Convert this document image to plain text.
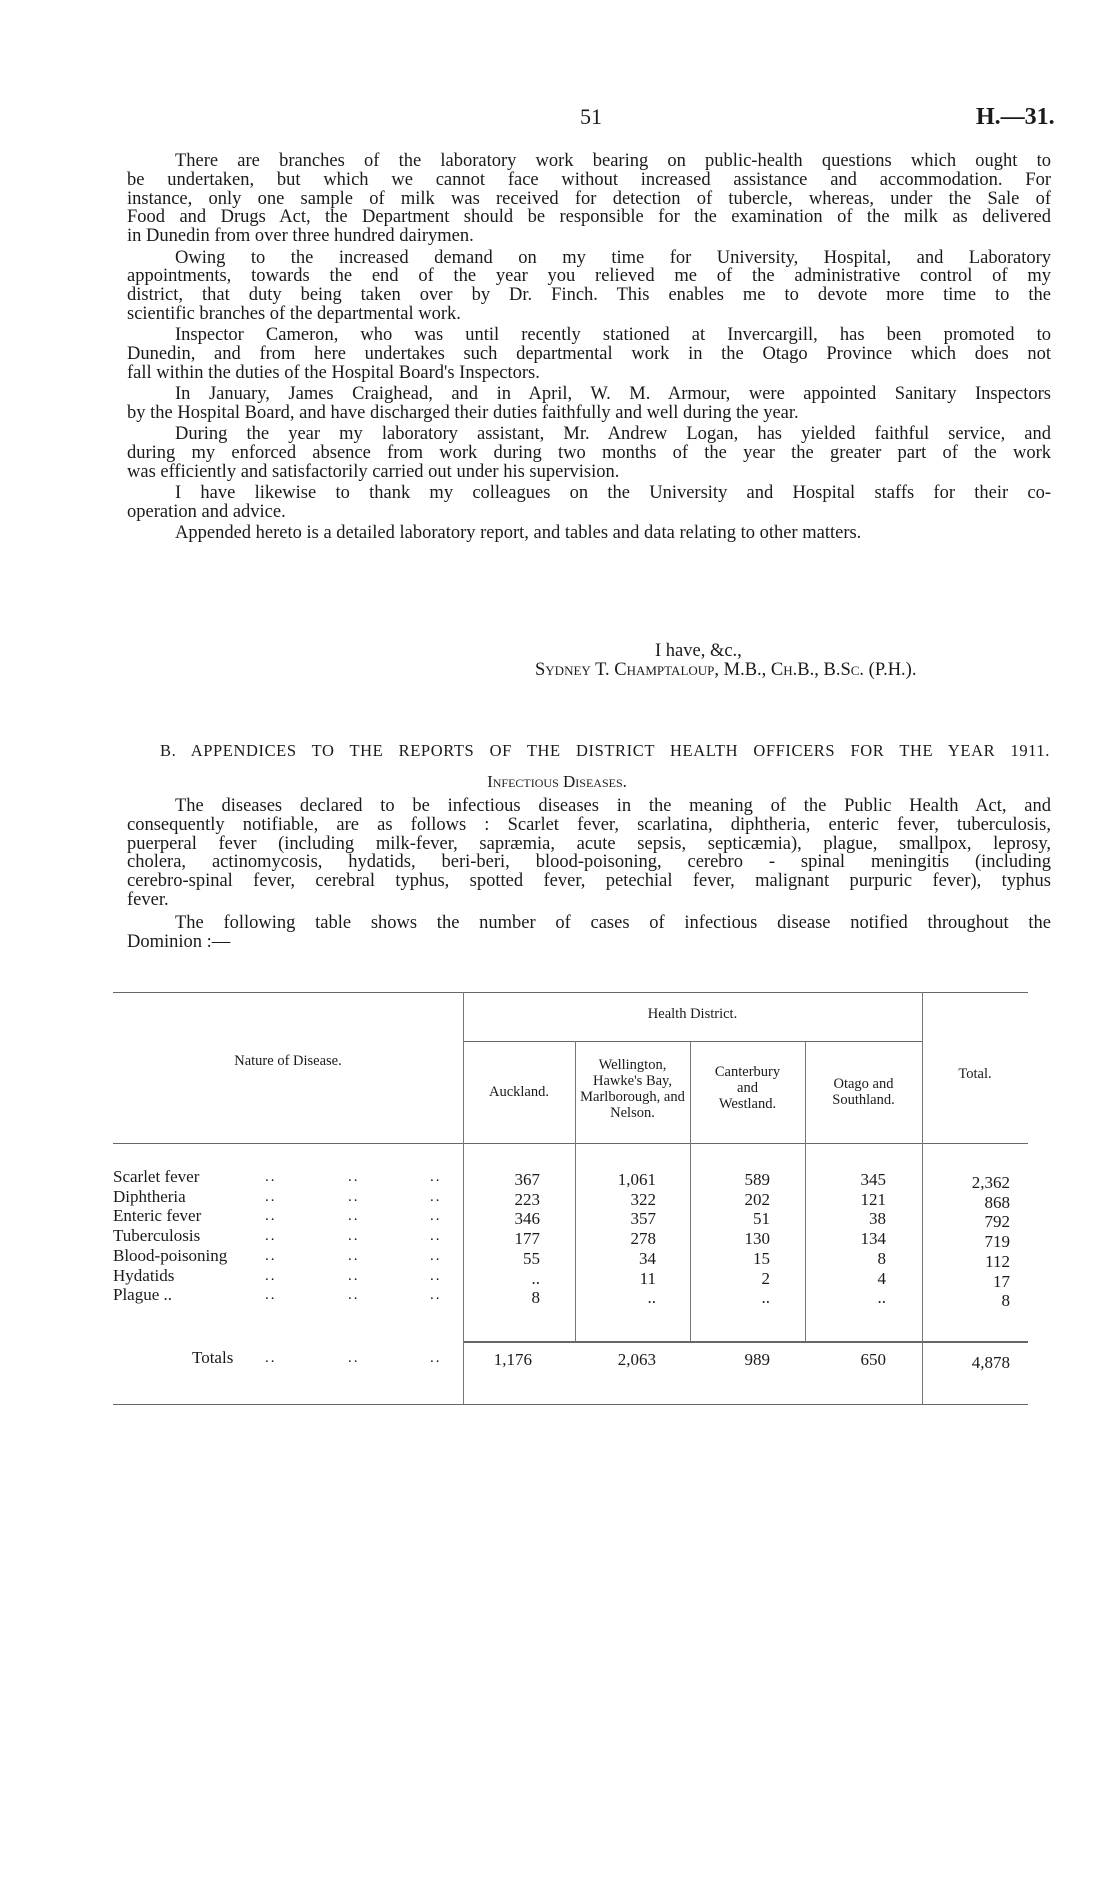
51	H.—31.
There are branches of the laboratory work bearing on public-health questions which ought to
be undertaken, but which we cannot face without increased assistance and accommodation. For
instance, only one sample of milk was received for detection of tubercle, whereas, under the Sale of
Food and Drugs Act, the Department should be responsible for the examination of the milk as delivered
in Dunedin from over three hundred dairymen.
Owing to the increased demand on my time for University, Hospital, and Laboratory
appointments, towards the end of the year you relieved me of the administrative control of my
district, that duty being taken over by Dr. Finch. This enables me to devote more time to the
scientific branches of the departmental work.
Inspector Cameron, who was until recently stationed at Invercargill, has been promoted to
Dunedin, and from here undertakes such departmental work in the Otago Province which does not
fall within the duties of the Hospital Board's Inspectors.
In January, James Craighead, and in April, W. M. Armour, were appointed Sanitary Inspectors
by the Hospital Board, and have discharged their duties faithfully and well during the year.
During the year my laboratory assistant, Mr. Andrew Logan, has yielded faithful service, and
during my enforced absence from work during two months of the year the greater part of the work
was efficiently and satisfactorily carried out under his supervision.
I have likewise to thank my colleagues on the University and Hospital staffs for their co-
operation and advice.
Appended hereto is a detailed laboratory report, and tables and data relating to other matters.
I have, &c.,
Sydney T. Champtaloup, M.B., Ch.B., B.Sc. (P.H.).
B. APPENDICES TO THE REPORTS OF THE DISTRICT HEALTH OFFICERS FOR THE YEAR 1911.
Infectious Diseases.
The diseases declared to be infectious diseases in the meaning of the Public Health Act, and
consequently notifiable, are as follows : Scarlet fever, scarlatina, diphtheria, enteric fever, tuberculosis,
puerperal fever (including milk-fever, sapræmia, acute sepsis, septicæmia), plague, smallpox, leprosy,
cholera, actinomycosis, hydatids, beri-beri, blood-poisoning, cerebro - spinal meningitis (including
cerebro-spinal fever, cerebral typhus, spotted fever, petechial fever, malignant purpuric fever), typhus
fever.
The following table shows the number of cases of infectious disease notified throughout the
Dominion :—
Nature of Disease.
Health District.
Auckland.
Wellington, Hawke's Bay, Marlborough, and Nelson.
Canterbury and Westland.
Otago and Southland.
Total.
Scarlet fever	..	..	..	367	1,061	589	345	2,362
Diphtheria	..	..	..	223	322	202	121	868
Enteric fever	..	..	..	346	357	51	38	792
Tuberculosis	..	..	..	177	278	130	134	719
Blood-poisoning	..	..	..	55	34	15	8	112
Hydatids	..	..	..	..	11	2	4	17
Plague ..	..	..	..	8	..	..	..	8
Totals ..	..	..	1,176	2,063	989	650	4,878
